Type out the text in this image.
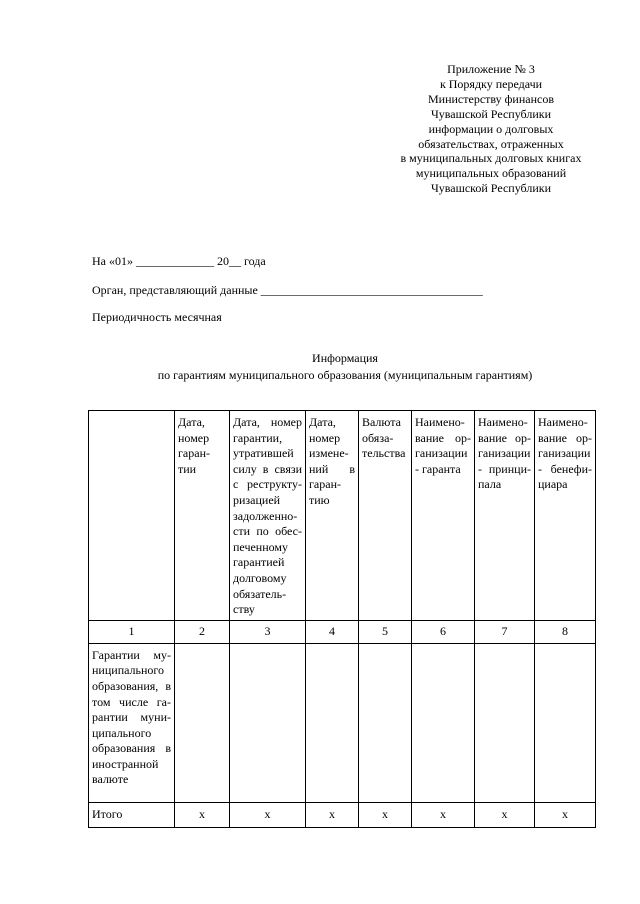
Приложение № 3
к Порядку передачи
Министерству финансов
Чувашской Республики
информации о долговых
обязательствах, отраженных
в муниципальных долговых книгах
муниципальных образований
Чувашской Республики
На «01» _____________ 20__ года
Орган, представляющий данные _____________________________________
Периодичность месячная
Информация
по гарантиям муниципального образования (муниципальным гарантиям)
	Дата, номер гаран-тии	Дата, номер гарантии, утратившей силу в связи с реструкту-ризацией задолженно-сти по обес-печенному гарантией долговому обязатель-ству	Дата, номер измене-ний в гаран-тию	Валюта обяза-тельства	Наимено-вание ор-ганизации - гаранта	Наимено-вание ор-ганизации - принци-пала	Наимено-вание ор-ганизации - бенефи-циара
1	2	3	4	5	6	7	8
Гарантии му-ниципального образования, в том числе га-рантии муни-ципального образования в иностранной валюте							
Итого	х	х	х	х	х	х	х
